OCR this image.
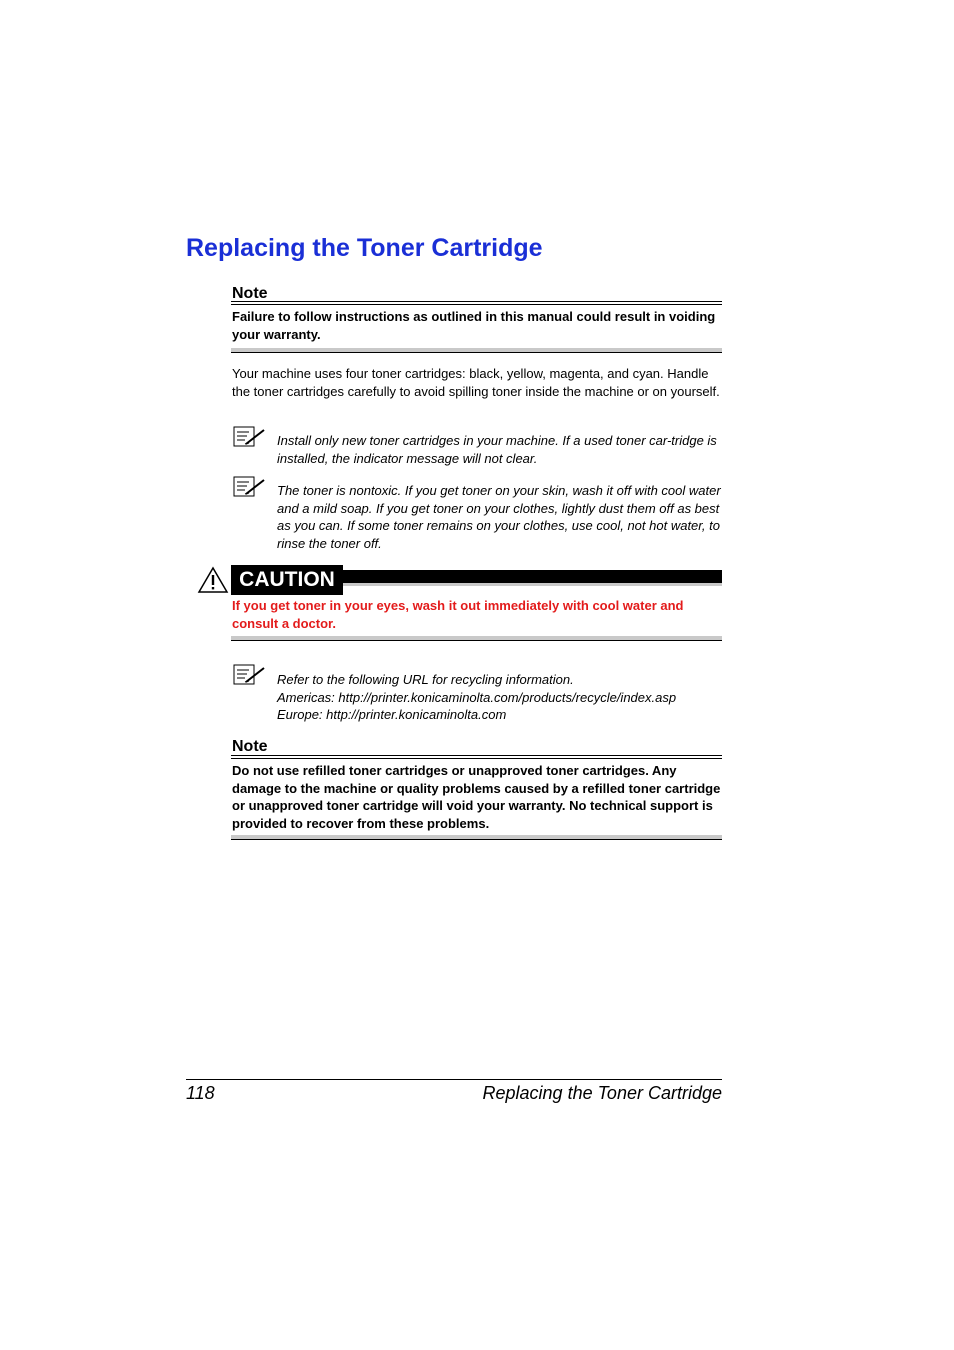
Replacing the Toner Cartridge
Note

Failure to follow instructions as outlined in this manual could result in voiding your warranty.

Your machine uses four toner cartridges: black, yellow, magenta, and cyan. Handle the toner cartridges carefully to avoid spilling toner inside the machine or on yourself.

Install only new toner cartridges in your machine. If a used toner car-tridge is installed, the indicator message will not clear.

The toner is nontoxic. If you get toner on your skin, wash it off with cool water and a mild soap. If you get toner on your clothes, lightly dust them off as best as you can. If some toner remains on your clothes, use cool, not hot water, to rinse the toner off.

CAUTION

If you get toner in your eyes, wash it out immediately with cool water and consult a doctor.

Refer to the following URL for recycling information.
Americas: http://printer.konicaminolta.com/products/recycle/index.asp
Europe: http://printer.konicaminolta.com
Note

Do not use refilled toner cartridges or unapproved toner cartridges. Any damage to the machine or quality problems caused by a refilled toner cartridge or unapproved toner cartridge will void your warranty. No technical support is provided to recover from these problems.

118	Replacing the Toner Cartridge
